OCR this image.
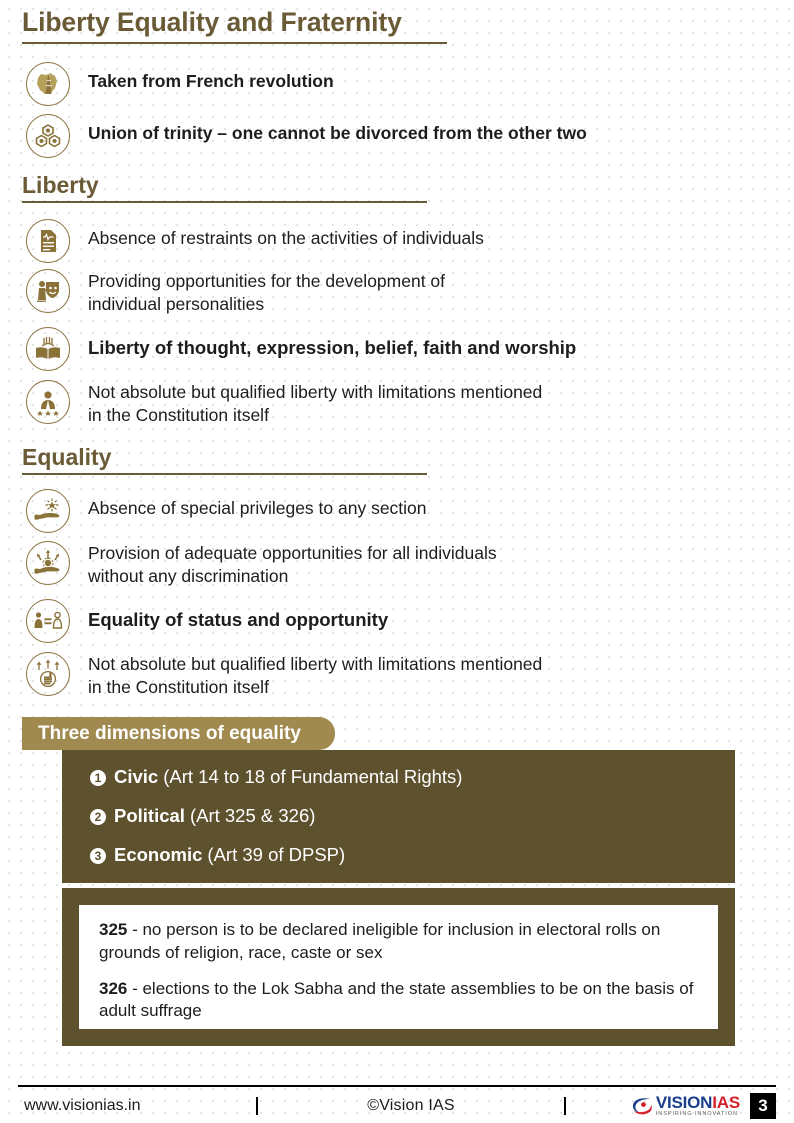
Liberty Equality and Fraternity
Taken from French revolution
Union of trinity – one cannot be divorced from the other two
Liberty
Absence of restraints on the activities of individuals
Providing opportunities for the development of
individual personalities
Liberty of thought, expression, belief, faith and worship
Not absolute but qualified liberty with limitations mentioned
in the Constitution itself
Equality
Absence of special privileges to any section
Provision of adequate opportunities for all individuals
without any discrimination
Equality of status and opportunity
Not absolute but qualified liberty with limitations mentioned
in the Constitution itself
Three dimensions of equality
1 Civic (Art 14 to 18 of Fundamental Rights)
2 Political (Art 325 & 326)
3 Economic (Art 39 of DPSP)
325 - no person is to be declared ineligible for inclusion in electoral rolls on grounds of religion, race, caste or sex
326 - elections to the Lok Sabha and the state assemblies to be on the basis of adult suffrage
www.visionias.in	©Vision IAS	VISIONIAS
INSPIRING INNOVATION	3
